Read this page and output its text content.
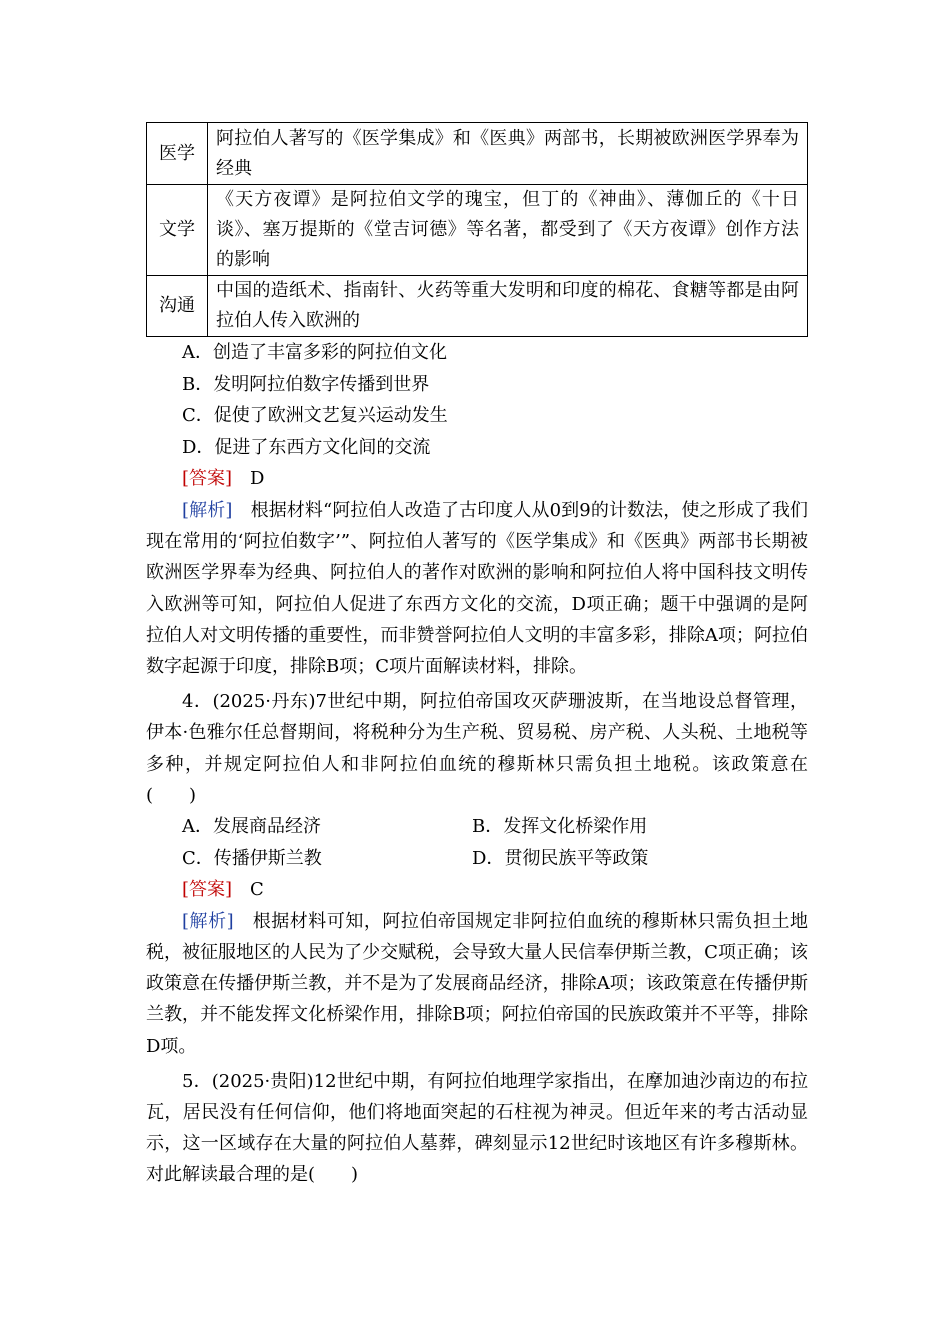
医学	阿拉伯人著写的《医学集成》和《医典》两部书，长期被欧洲医学界奉为经典
文学	《天方夜谭》是阿拉伯文学的瑰宝，但丁的《神曲》、薄伽丘的《十日谈》、塞万提斯的《堂吉诃德》等名著，都受到了《天方夜谭》创作方法的影响
沟通	中国的造纸术、指南针、火药等重大发明和印度的棉花、食糖等都是由阿拉伯人传入欧洲的
A．创造了丰富多彩的阿拉伯文化
B．发明阿拉伯数字传播到世界
C．促使了欧洲文艺复兴运动发生
D．促进了东西方文化间的交流
[答案]　 D
[解析]　 根据材料“阿拉伯人改造了古印度人从0到9的计数法，使之形成了我们现在常用的‘阿拉伯数字’”、阿拉伯人著写的《医学集成》和《医典》两部书长期被欧洲医学界奉为经典、阿拉伯人的著作对欧洲的影响和阿拉伯人将中国科技文明传入欧洲等可知，阿拉伯人促进了东西方文化的交流，D项正确；题干中强调的是阿拉伯人对文明传播的重要性，而非赞誉阿拉伯人文明的丰富多彩，排除A项；阿拉伯数字起源于印度，排除B项；C项片面解读材料，排除。
4．(2025·丹东)7世纪中期，阿拉伯帝国攻灭萨珊波斯，在当地设总督管理，伊本·色雅尔任总督期间，将税种分为生产税、贸易税、房产税、人头税、土地税等多种，并规定阿拉伯人和非阿拉伯血统的穆斯林只需负担土地税。该政策意在(　　)
A．发展商品经济	B．发挥文化桥梁作用
C．传播伊斯兰教	D．贯彻民族平等政策
[答案]　 C
[解析]　 根据材料可知，阿拉伯帝国规定非阿拉伯血统的穆斯林只需负担土地税，被征服地区的人民为了少交赋税，会导致大量人民信奉伊斯兰教，C项正确；该政策意在传播伊斯兰教，并不是为了发展商品经济，排除A项；该政策意在传播伊斯兰教，并不能发挥文化桥梁作用，排除B项；阿拉伯帝国的民族政策并不平等，排除D项。
5．(2025·贵阳)12世纪中期，有阿拉伯地理学家指出，在摩加迪沙南边的布拉瓦，居民没有任何信仰，他们将地面突起的石柱视为神灵。但近年来的考古活动显示，这一区域存在大量的阿拉伯人墓葬，碑刻显示12世纪时该地区有许多穆斯林。对此解读最合理的是(　　)
